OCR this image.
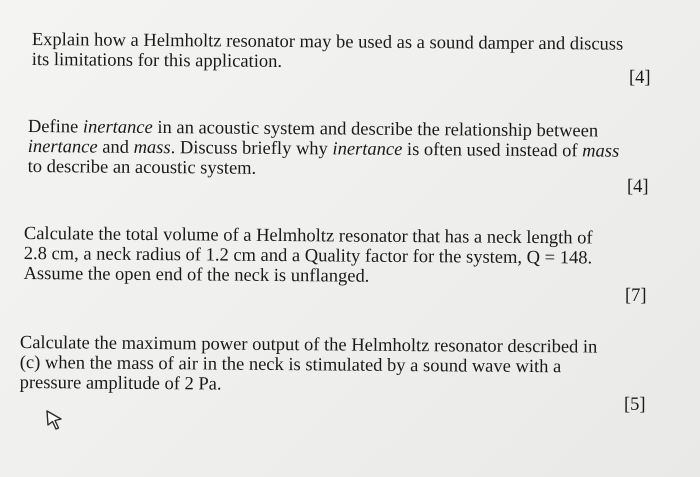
Explain how a Helmholtz resonator may be used as a sound damper and discuss

its limitations for this application.

[4]

Define inertance in an acoustic system and describe the relationship between

inertance and mass. Discuss briefly why inertance is often used instead of mass

to describe an acoustic system.

[4]

Calculate the total volume of a Helmholtz resonator that has a neck length of

2.8 cm, a neck radius of 1.2 cm and a Quality factor for the system, Q = 148.

Assume the open end of the neck is unflanged.

[7]

Calculate the maximum power output of the Helmholtz resonator described in

(c) when the mass of air in the neck is stimulated by a sound wave with a

pressure amplitude of 2 Pa.

[5]
